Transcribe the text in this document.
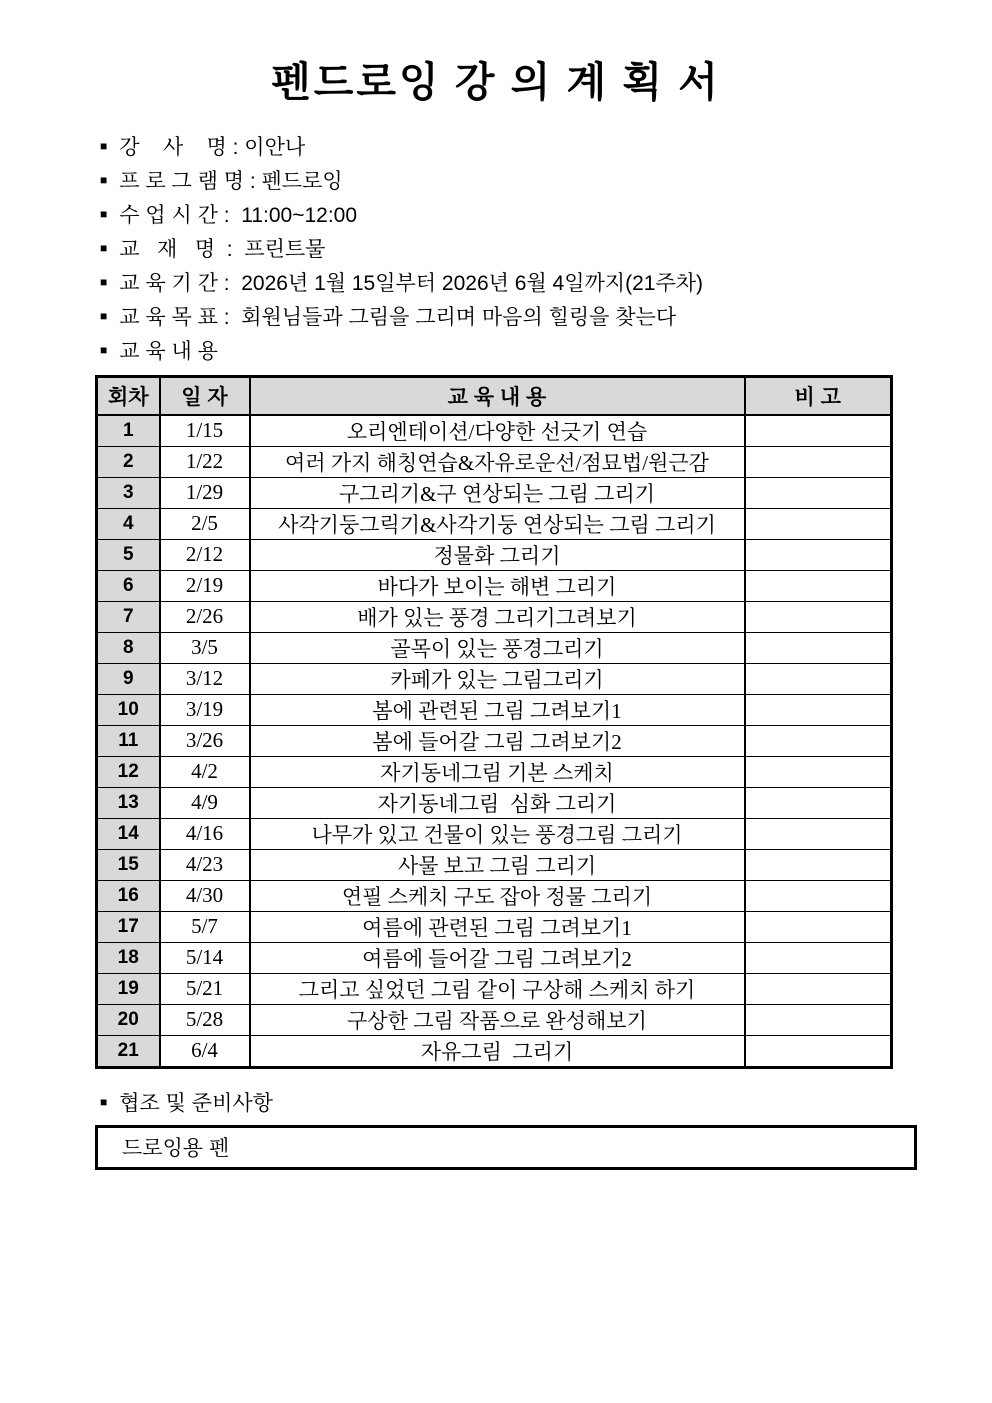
펜드로잉 강 의 계 획 서
■ 강    사    명 : 이안나
■ 프 로 그 램 명 : 펜드로잉
■ 수 업 시 간 :  11:00~12:00
■ 교   재   명  :  프린트물
■ 교 육 기 간 :  2026년 1월 15일부터 2026년 6월 4일까지(21주차)
■ 교 육 목 표 :  회원님들과 그림을 그리며 마음의 힐링을 찾는다
■ 교 육 내 용
회차	일 자	교 육 내 용	비 고
1	1/15	오리엔테이션/다양한 선긋기 연습	
2	1/22	여러 가지 해칭연습&자유로운선/점묘법/원근감	
3	1/29	구그리기&구 연상되는 그림 그리기	
4	2/5	사각기둥그릭기&사각기둥 연상되는 그림 그리기	
5	2/12	정물화 그리기	
6	2/19	바다가 보이는 해변 그리기	
7	2/26	배가 있는 풍경 그리기그려보기	
8	3/5	골목이 있는 풍경그리기	
9	3/12	카페가 있는 그림그리기	
10	3/19	봄에 관련된 그림 그려보기1	
11	3/26	봄에 들어갈 그림 그려보기2	
12	4/2	자기동네그림 기본 스케치	
13	4/9	자기동네그림  심화 그리기	
14	4/16	나무가 있고 건물이 있는 풍경그림 그리기	
15	4/23	사물 보고 그림 그리기	
16	4/30	연필 스케치 구도 잡아 정물 그리기	
17	5/7	여름에 관련된 그림 그려보기1	
18	5/14	여름에 들어갈 그림 그려보기2	
19	5/21	그리고 싶었던 그림 같이 구상해 스케치 하기	
20	5/28	구상한 그림 작품으로 완성해보기	
21	6/4	자유그림  그리기	
■ 협조 및 준비사항
드로잉용 펜
